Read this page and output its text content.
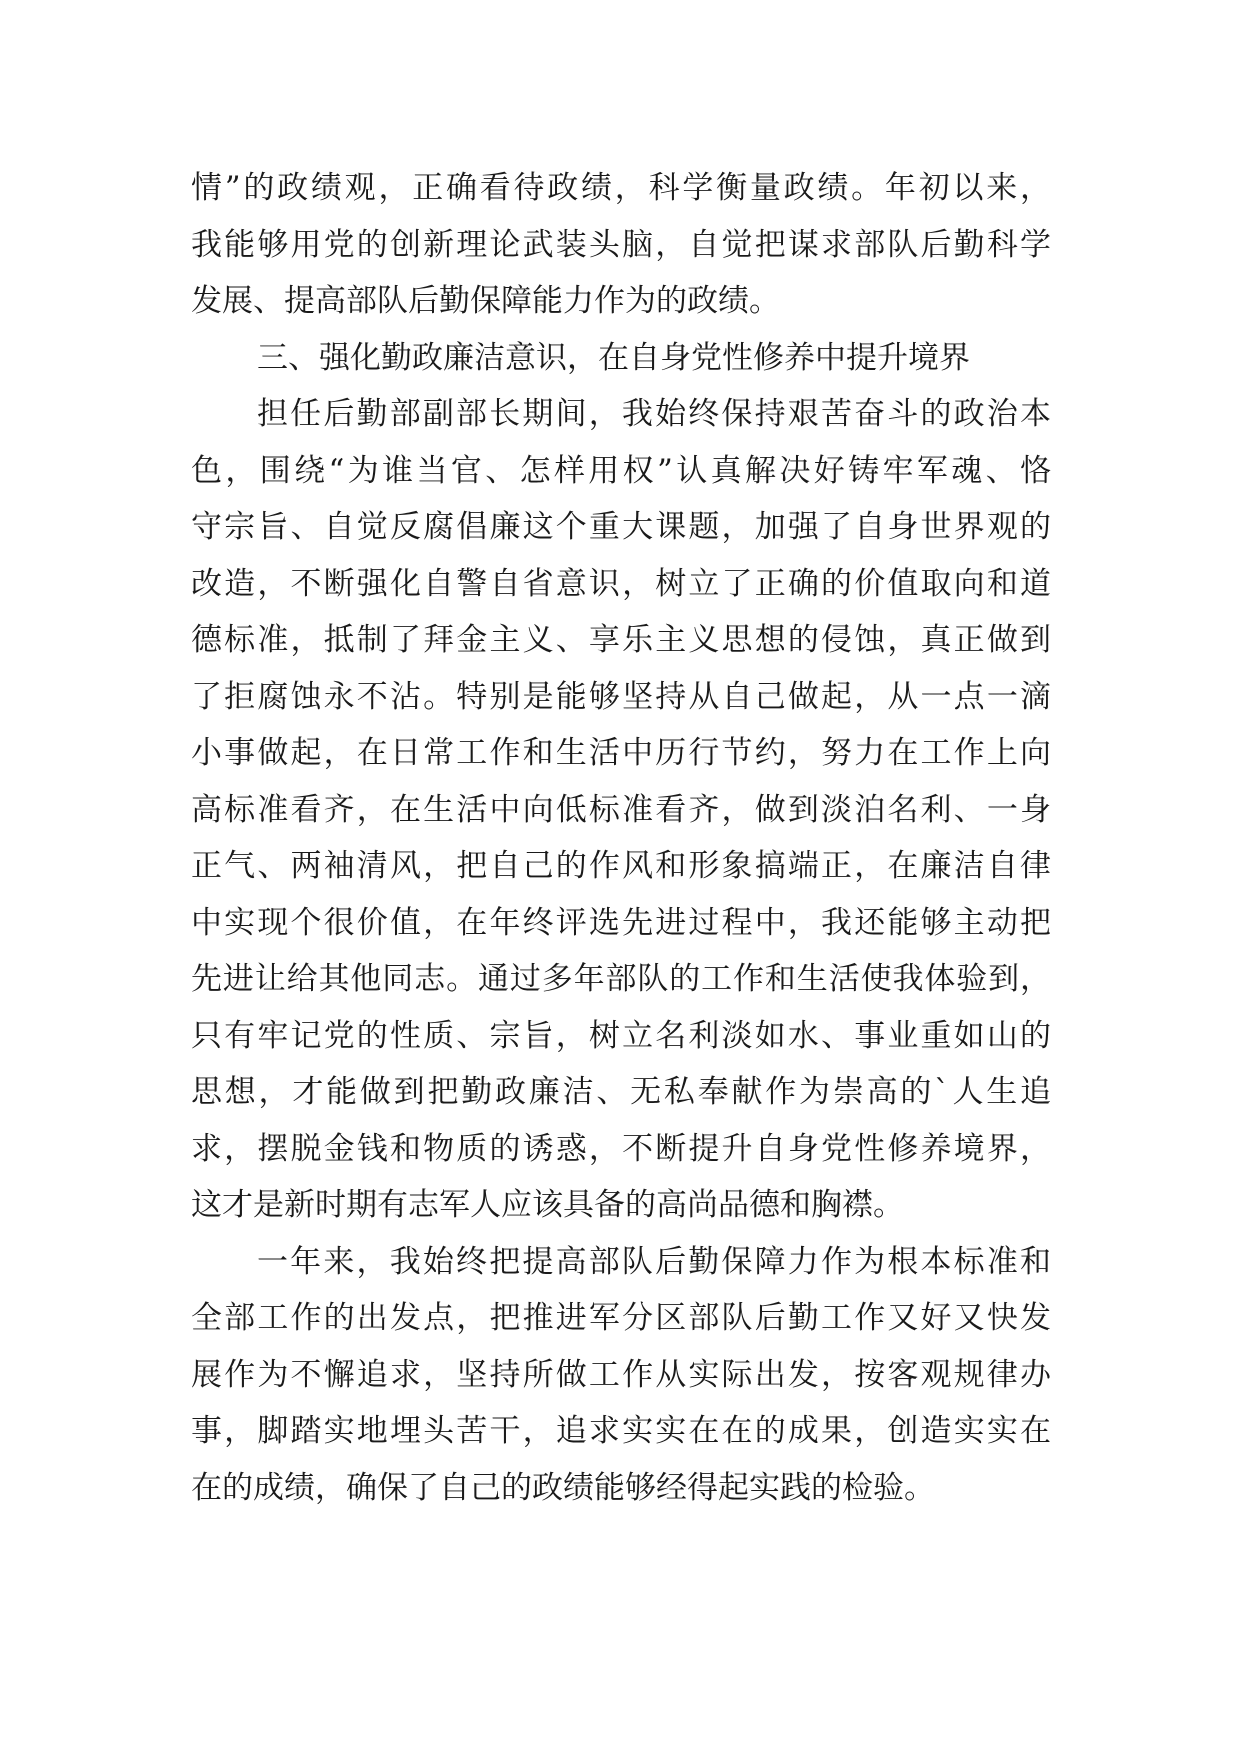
情”的政绩观，正确看待政绩，科学衡量政绩。年初以来，
我能够用党的创新理论武装头脑，自觉把谋求部队后勤科学
发展、提高部队后勤保障能力作为的政绩。
三、强化勤政廉洁意识，在自身党性修养中提升境界
担任后勤部副部长期间，我始终保持艰苦奋斗的政治本
色，围绕“为谁当官、怎样用权”认真解决好铸牢军魂、恪
守宗旨、自觉反腐倡廉这个重大课题，加强了自身世界观的
改造，不断强化自警自省意识，树立了正确的价值取向和道
德标准，抵制了拜金主义、享乐主义思想的侵蚀，真正做到
了拒腐蚀永不沾。特别是能够坚持从自己做起，从一点一滴
小事做起，在日常工作和生活中历行节约，努力在工作上向
高标准看齐，在生活中向低标准看齐，做到淡泊名利、一身
正气、两袖清风，把自己的作风和形象搞端正，在廉洁自律
中实现个很价值，在年终评选先进过程中，我还能够主动把
先进让给其他同志。通过多年部队的工作和生活使我体验到，
只有牢记党的性质、宗旨，树立名利淡如水、事业重如山的
思想，才能做到把勤政廉洁、无私奉献作为崇高的`人生追
求，摆脱金钱和物质的诱惑，不断提升自身党性修养境界，
这才是新时期有志军人应该具备的高尚品德和胸襟。
一年来，我始终把提高部队后勤保障力作为根本标准和
全部工作的出发点，把推进军分区部队后勤工作又好又快发
展作为不懈追求，坚持所做工作从实际出发，按客观规律办
事，脚踏实地埋头苦干，追求实实在在的成果，创造实实在
在的成绩，确保了自己的政绩能够经得起实践的检验。
